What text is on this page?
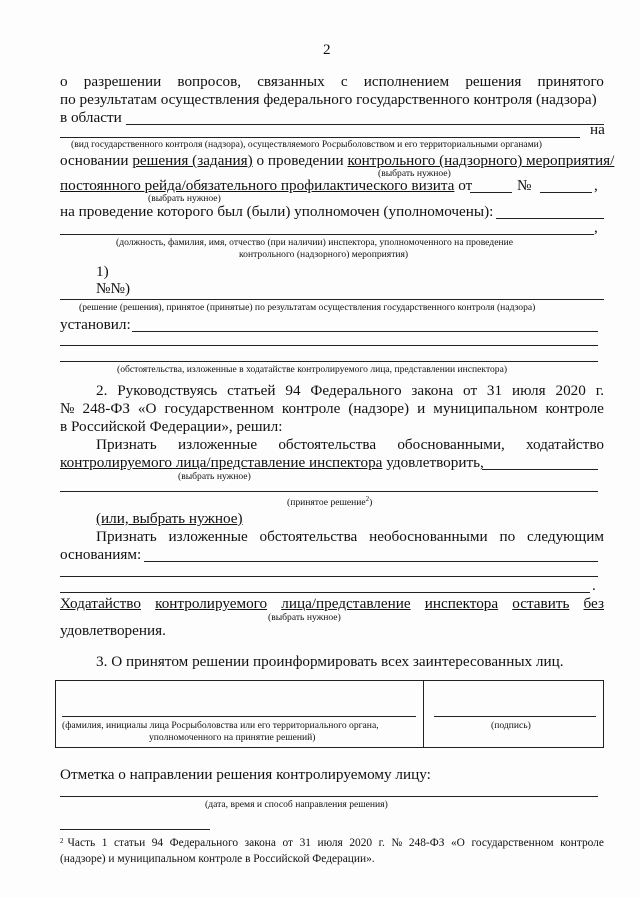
2
о разрешении вопросов, связанных с исполнением решения принятого
по результатам осуществления федерального государственного контроля (надзора)
в области
на
(вид государственного контроля (надзора), осуществляемого Росрыболовством и его территориальными органами)
основании решения (задания) о проведении контрольного (надзорного) мероприятия/
(выбрать нужное)
постоянного рейда/обязательного профилактического визита от	№	,
(выбрать нужное)
на проведение которого был (были) уполномочен (уполномочены):
,
(должность, фамилия, имя, отчество (при наличии) инспектора, уполномоченного на проведение
контрольного (надзорного) мероприятия)
1)
№№)
(решение (решения), принятое (принятые) по результатам осуществления государственного контроля (надзора)
установил:
(обстоятельства, изложенные в ходатайстве контролируемого лица, представлении инспектора)
2. Руководствуясь статьей 94 Федерального закона от 31 июля 2020 г.
№ 248-ФЗ «О государственном контроле (надзоре) и муниципальном контроле
в Российской Федерации», решил:
Признать изложенные обстоятельства обоснованными, ходатайство
контролируемого лица/представление инспектора удовлетворить,
(выбрать нужное)
(принятое решение$^2$)
(или, выбрать нужное)
Признать изложенные обстоятельства необоснованными по следующим
основаниям:
.
Ходатайство контролируемого лица/представление инспектора оставить без
(выбрать нужное)
удовлетворения.
3. О принятом решении проинформировать всех заинтересованных лиц.
(фамилия, инициалы лица Росрыболовства или его территориального органа,
уполномоченного на принятие решений)

(подпись)
Отметка о направлении решения контролируемому лицу:
(дата, время и способ направления решения)
2 Часть 1 статьи 94 Федерального закона от 31 июля 2020 г. № 248-ФЗ «О государственном контроле
(надзоре) и муниципальном контроле в Российской Федерации».
